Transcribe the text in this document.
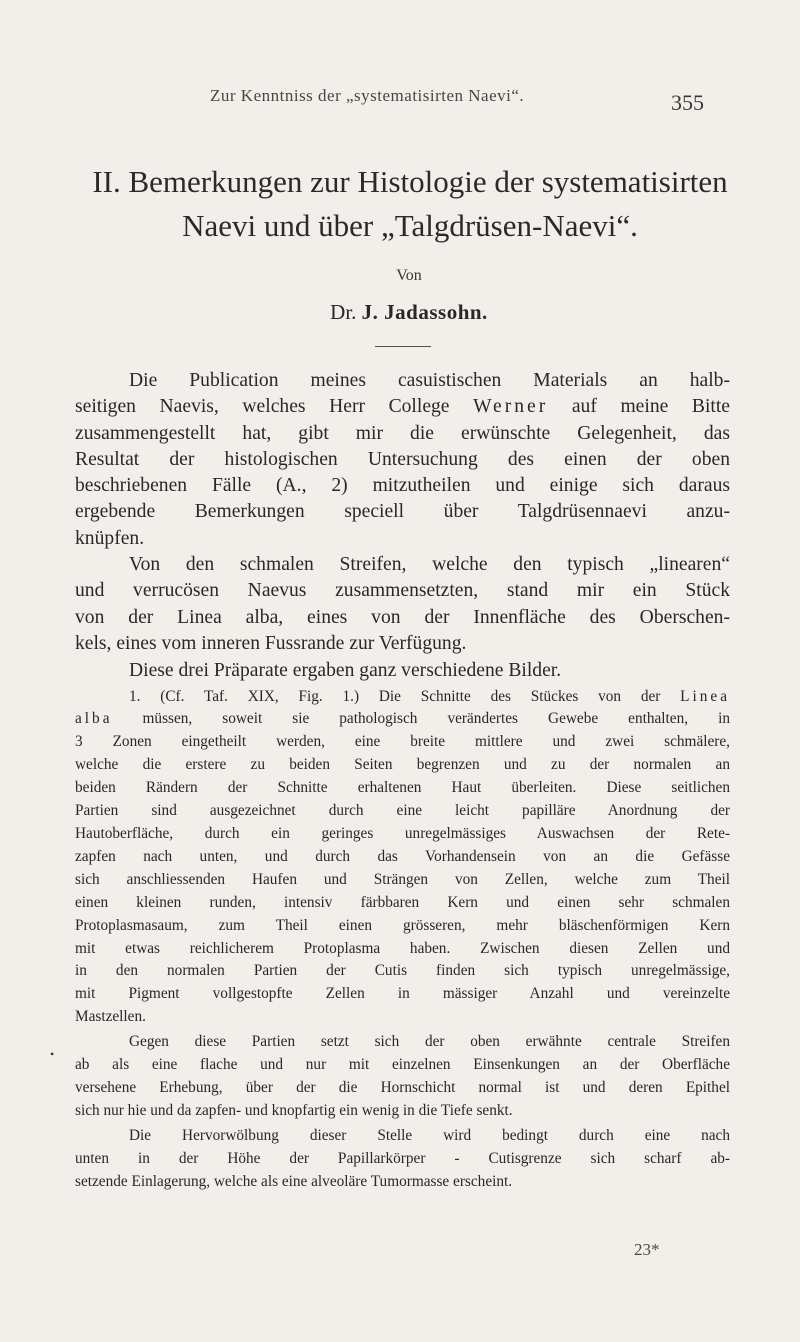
Zur Kenntniss der „systematisirten Naevi“.	355
II. Bemerkungen zur Histologie der systematisirten
Naevi und über „Talgdrüsen-Naevi“.
Von
Dr. J. Jadassohn.

Die Publication meines casuistischen Materials an halb-
seitigen Naevis, welches Herr College Werner auf meine Bitte
zusammengestellt hat, gibt mir die erwünschte Gelegenheit, das
Resultat der histologischen Untersuchung des einen der oben
beschriebenen Fälle (A., 2) mitzutheilen und einige sich daraus
ergebende Bemerkungen speciell über Talgdrüsennaevi anzu-
knüpfen.

Von den schmalen Streifen, welche den typisch „linearen“
und verrucösen Naevus zusammensetzten, stand mir ein Stück
von der Linea alba, eines von der Innenfläche des Oberschen-
kels, eines vom inneren Fussrande zur Verfügung.

Diese drei Präparate ergaben ganz verschiedene Bilder.

1. (Cf. Taf. XIX, Fig. 1.) Die Schnitte des Stückes von der Linea
alba müssen, soweit sie pathologisch verändertes Gewebe enthalten, in
3 Zonen eingetheilt werden, eine breite mittlere und zwei schmälere,
welche die erstere zu beiden Seiten begrenzen und zu der normalen an
beiden Rändern der Schnitte erhaltenen Haut überleiten. Diese seitlichen
Partien sind ausgezeichnet durch eine leicht papilläre Anordnung der
Hautoberfläche, durch ein geringes unregelmässiges Auswachsen der Rete-
zapfen nach unten, und durch das Vorhandensein von an die Gefässe
sich anschliessenden Haufen und Strängen von Zellen, welche zum Theil
einen kleinen runden, intensiv färbbaren Kern und einen sehr schmalen
Protoplasmasaum, zum Theil einen grösseren, mehr bläschenförmigen Kern
mit etwas reichlicherem Protoplasma haben. Zwischen diesen Zellen und
in den normalen Partien der Cutis finden sich typisch unregelmässige,
mit Pigment vollgestopfte Zellen in mässiger Anzahl und vereinzelte
Mastzellen.

Gegen diese Partien setzt sich der oben erwähnte centrale Streifen
ab als eine flache und nur mit einzelnen Einsenkungen an der Oberfläche
versehene Erhebung, über der die Hornschicht normal ist und deren Epithel
sich nur hie und da zapfen- und knopfartig ein wenig in die Tiefe senkt.

Die Hervorwölbung dieser Stelle wird bedingt durch eine nach
unten in der Höhe der Papillarkörper - Cutisgrenze sich scharf ab-
setzende Einlagerung, welche als eine alveoläre Tumormasse erscheint.

•
23*
